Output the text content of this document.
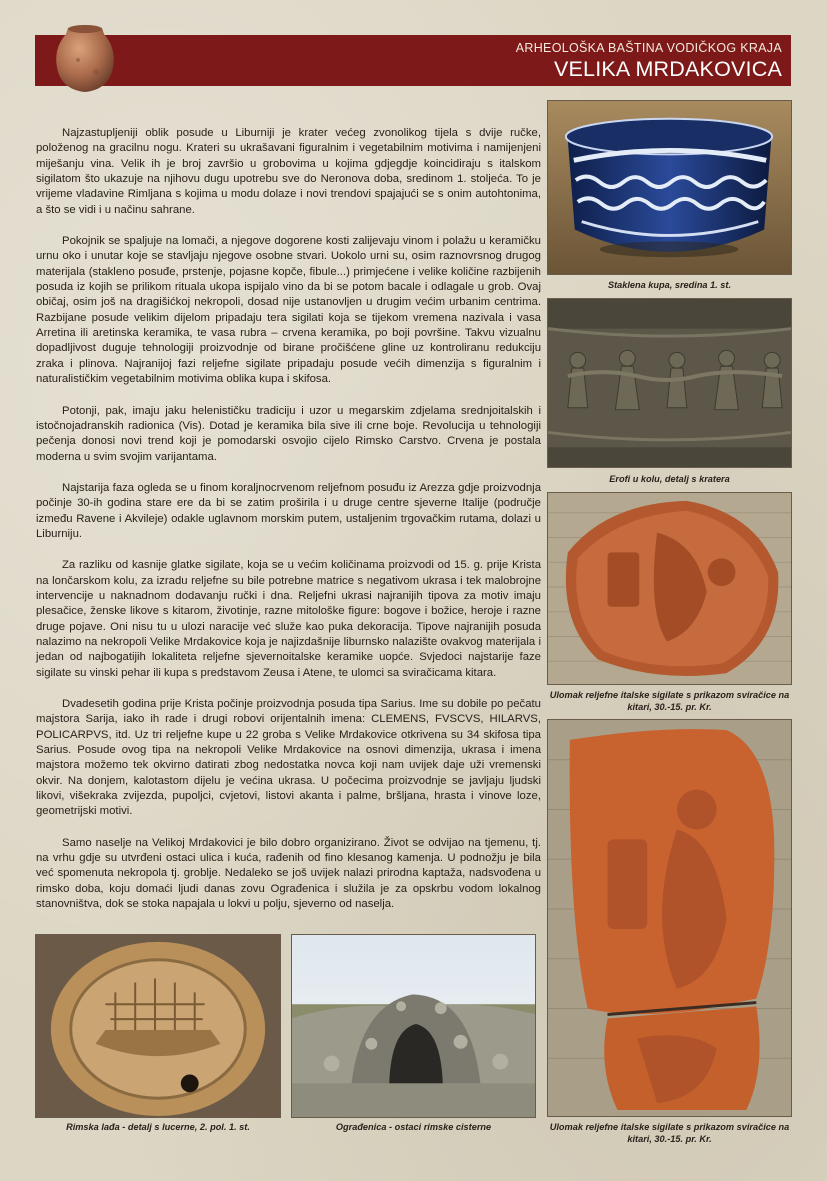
ARHEOLOŠKA BAŠTINA VODIČKOG KRAJA
VELIKA MRDAKOVICA

Najzastupljeniji oblik posude u Liburniji je krater većeg zvonolikog tijela s dvije ručke, položenog na gracilnu nogu. Krateri su ukrašavani figuralnim i vegetabilnim motivima i namijenjeni miješanju vina. Velik ih je broj završio u grobovima u kojima gdjegdje koincidiraju s italskom sigilatom što ukazuje na njihovu dugu upotrebu sve do Neronova doba, sredinom 1. stoljeća. To je vrijeme vladavine Rimljana s kojima u modu dolaze i novi trendovi spajajući se s onim autohtonima, a što se vidi i u načinu sahrane.

Pokojnik se spaljuje na lomači, a njegove dogorene kosti zalijevaju vinom i polažu u keramičku urnu oko i unutar koje se stavljaju njegove osobne stvari. Uokolo urni su, osim raznovrsnog drugog materijala (stakleno posuđe, prstenje, pojasne kopče, fibule...) primjećene i velike količine razbijenih posuda iz kojih se prilikom rituala ukopa ispijalo vino da bi se potom bacale i odlagale u grob. Ovaj običaj, osim još na dragišićkoj nekropoli, dosad nije ustanovljen u drugim većim urbanim centrima. Razbijane posude velikim dijelom pripadaju tera sigilati koja se tijekom vremena nazivala i vasa Arretina ili aretinska keramika, te vasa rubra – crvena keramika, po boji površine. Takvu vizualnu dopadljivost duguje tehnologiji proizvodnje od birane pročišćene gline uz kontroliranu redukciju zraka i plinova. Najranijoj fazi reljefne sigilate pripadaju posude većih dimenzija s figuralnim i naturalističkim vegetabilnim motivima oblika kupa i skifosa.

Potonji, pak, imaju jaku helenističku tradiciju i uzor u megarskim zdjelama srednjoitalskih i istočnojadranskih radionica (Vis). Dotad je keramika bila sive ili crne boje. Revolucija u tehnologiji pečenja donosi novi trend koji je pomodarski osvojio cijelo Rimsko Carstvo. Crvena je postala moderna u svim svojim varijantama.

Najstarija faza ogleda se u finom koraljnocrvenom reljefnom posuđu iz Arezza gdje proizvodnja počinje 30-ih godina stare ere da bi se zatim proširila i u druge centre sjeverne Italije (područje između Ravene i Akvileje) odakle uglavnom morskim putem, ustaljenim trgovačkim rutama, dolazi u Liburniju.

Za razliku od kasnije glatke sigilate, koja se u većim količinama proizvodi od 15. g. prije Krista na lončarskom kolu, za izradu reljefne su bile potrebne matrice s negativom ukrasa i tek malobrojne intervencije u naknadnom dodavanju ručki i dna. Reljefni ukrasi najranijih tipova za motiv imaju plesačice, ženske likove s kitarom, životinje, razne mitološke figure: bogove i božice, heroje i razne druge pojave. Oni nisu tu u ulozi naracije već služe kao puka dekoracija. Tipove najranijih posuda nalazimo na nekropoli Velike Mrdakovice koja je najizdašnije liburnsko nalazište ovakvog materijala i jedan od najbogatijih lokaliteta reljefne sjevernoitalske keramike uopće. Svjedoci najstarije faze sigilate su vinski pehar ili kupa s predstavom Zeusa i Atene, te ulomci sa sviračicama kitara.

Dvadesetih godina prije Krista počinje proizvodnja posuda tipa Sarius. Ime su dobile po pečatu majstora Sarija, iako ih rade i drugi robovi orijentalnih imena: CLEMENS, FVSCVS, HILARVS, POLICARPVS, itd. Uz tri reljefne kupe u 22 groba s Velike Mrdakovice otkrivena su 34 skifosa tipa Sarius. Posude ovog tipa na nekropoli Velike Mrdakovice na osnovi dimenzija, ukrasa i imena majstora možemo tek okvirno datirati zbog nedostatka novca koji nam uvijek daje uži vremenski okvir. Na donjem, kalotastom dijelu je većina ukrasa. U počecima proizvodnje se javljaju ljudski likovi, višekraka zvijezda, pupoljci, cvjetovi, listovi akanta i palme, bršljana, hrasta i vinove loze, geometrijski motivi.

Samo naselje na Velikoj Mrdakovici je bilo dobro organizirano. Život se odvijao na tjemenu, tj. na vrhu gdje su utvrđeni ostaci ulica i kuća, rađenih od fino klesanog kamenja. U podnožju je bila već spomenuta nekropola tj. groblje. Nedaleko se još uvijek nalazi prirodna kaptaža, nadsvođena u rimsko doba, koju domaći ljudi danas zovu Ograđenica i služila je za opskrbu vodom lokalnog stanovništva, dok se stoka napajala u lokvi u polju, sjeverno od naselja.

Staklena kupa, sredina 1. st.
Erofi u kolu, detalj s kratera
Ulomak reljefne italske sigilate s prikazom sviračice na kitari, 30.-15. pr. Kr.
Ulomak reljefne italske sigilate s prikazom sviračice na kitari, 30.-15. pr. Kr.
Rimska lađa - detalj s lucerne, 2. pol. 1. st.	Ograđenica - ostaci rimske cisterne
